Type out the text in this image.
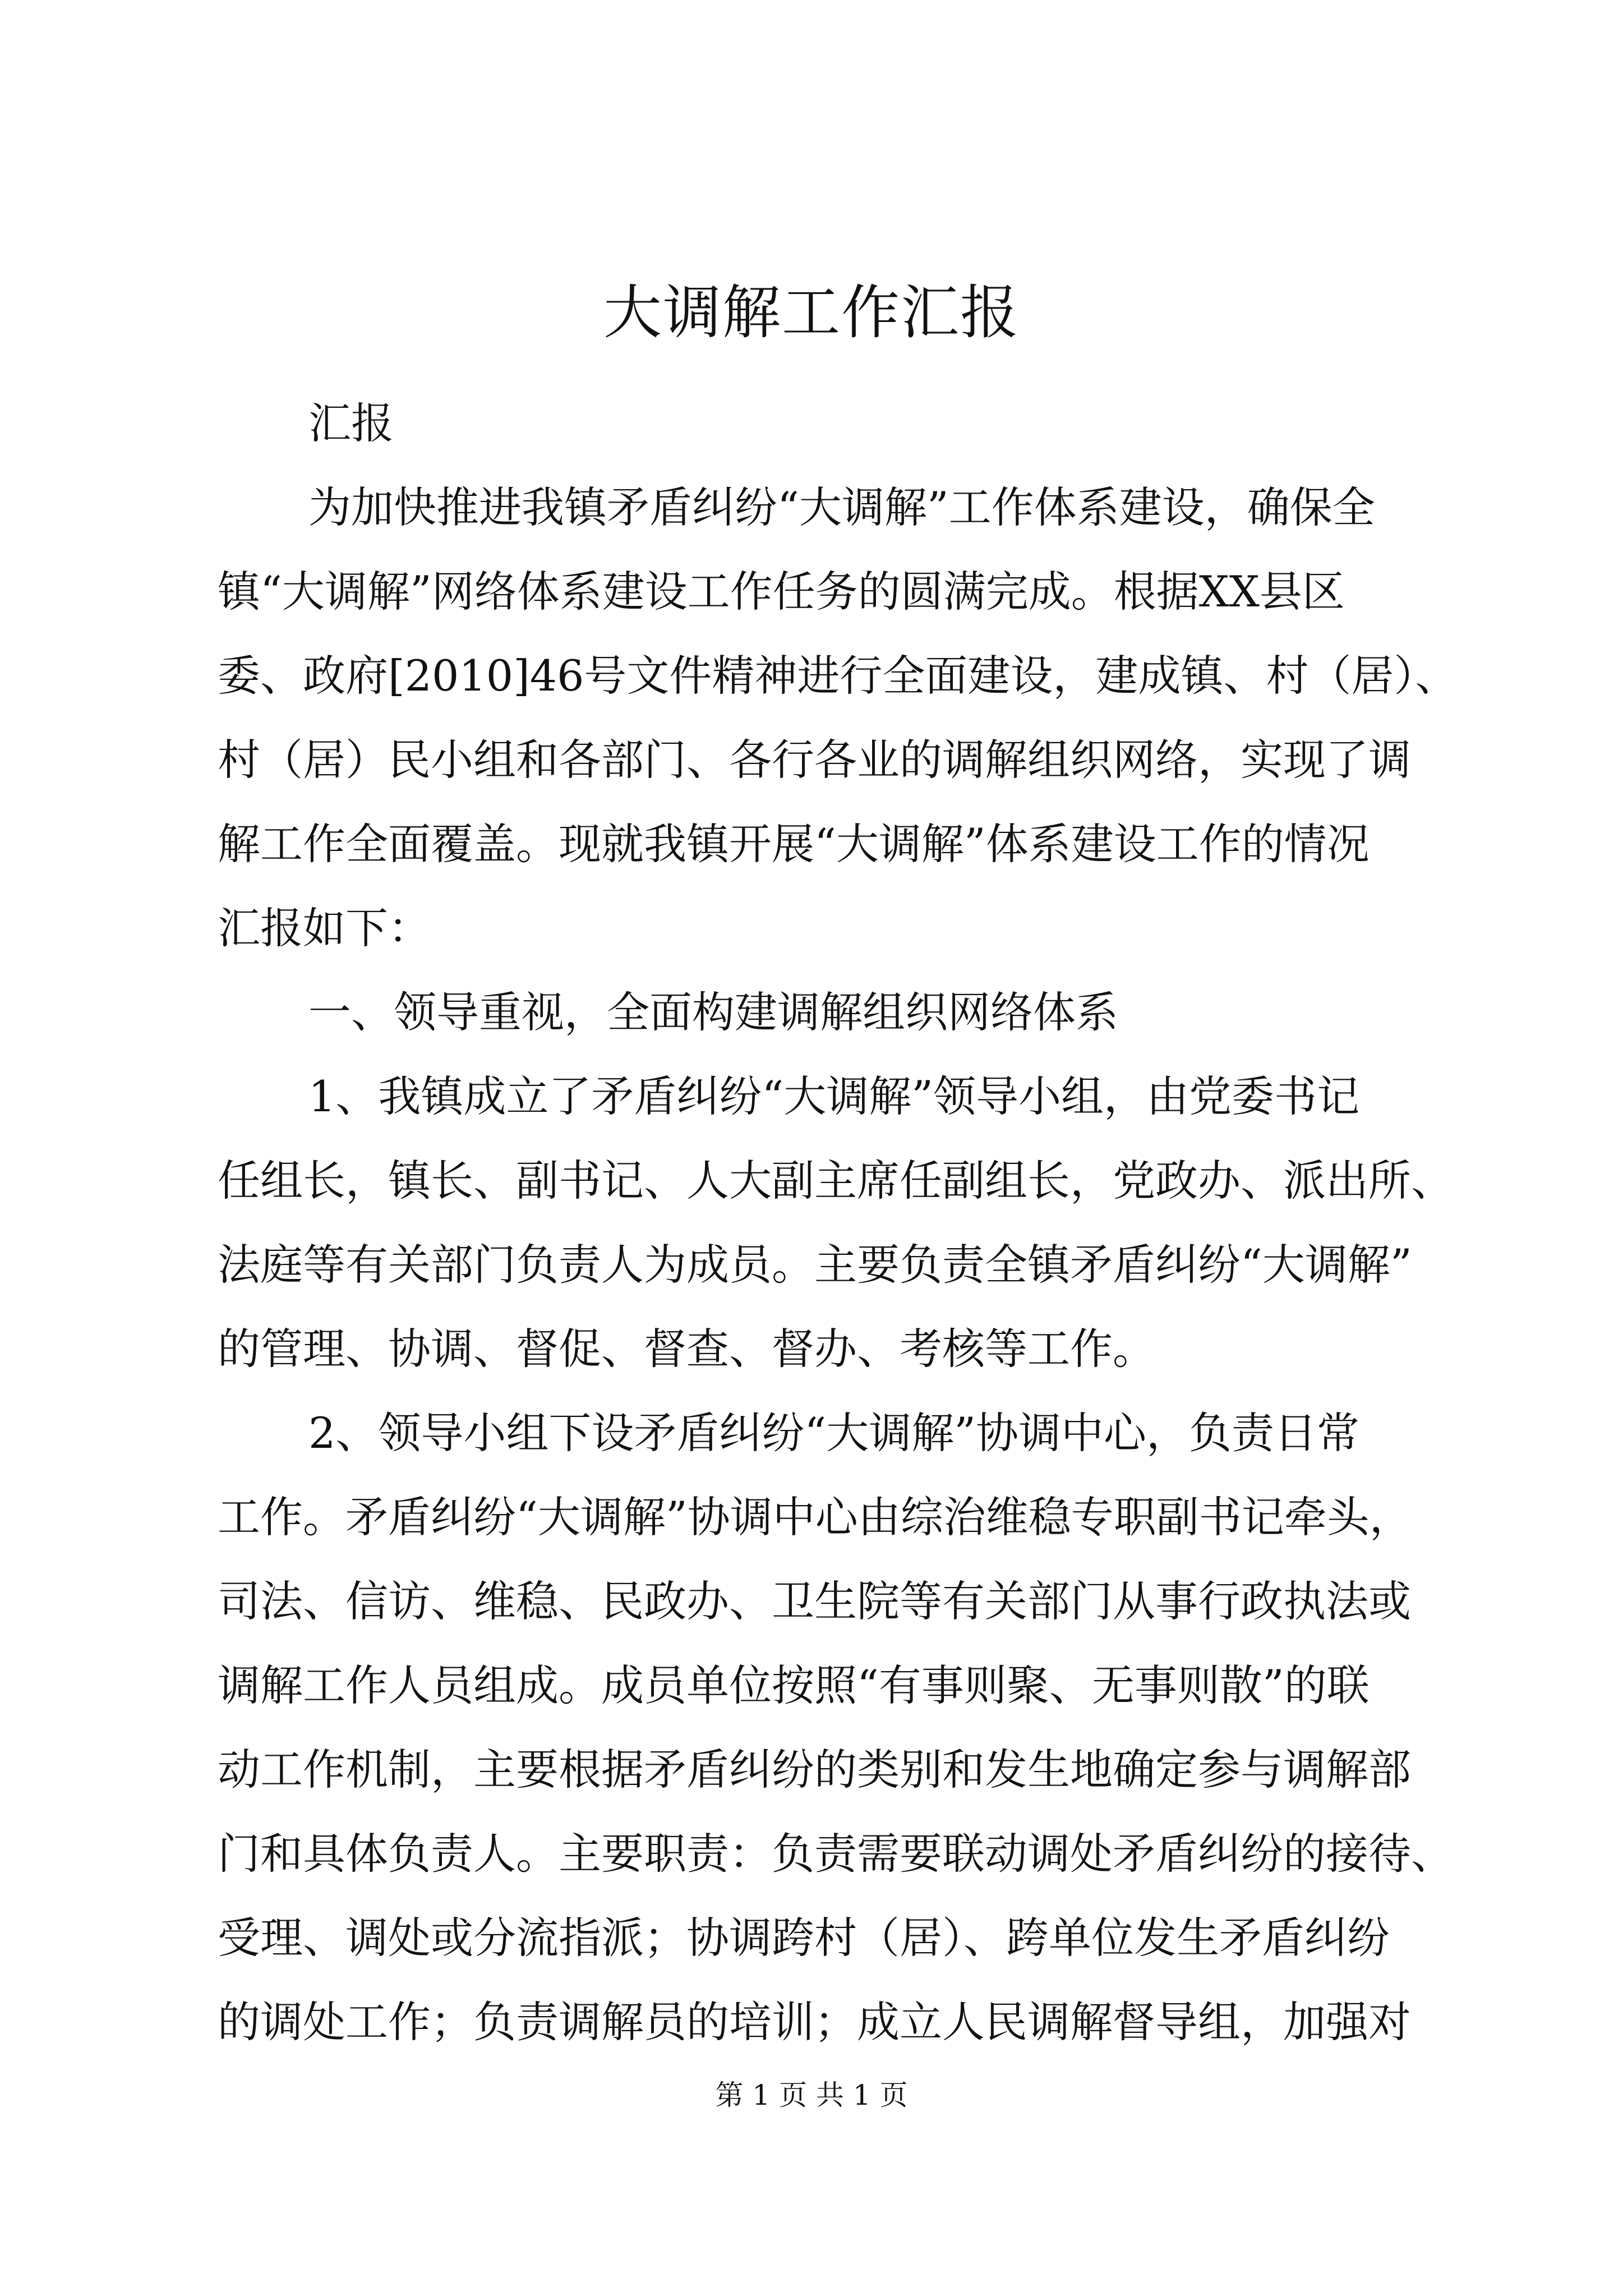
大调解工作汇报

汇报

为加快推进我镇矛盾纠纷“大调解”工作体系建设，确保全

镇“大调解”网络体系建设工作任务的圆满完成。根据XX县区

委、政府[2010]46号文件精神进行全面建设，建成镇、村（居）、

村（居）民小组和各部门、各行各业的调解组织网络，实现了调

解工作全面覆盖。现就我镇开展“大调解”体系建设工作的情况

汇报如下：

一、领导重视，全面构建调解组织网络体系

1、我镇成立了矛盾纠纷“大调解”领导小组，由党委书记

任组长，镇长、副书记、人大副主席任副组长，党政办、派出所、

法庭等有关部门负责人为成员。主要负责全镇矛盾纠纷“大调解”

的管理、协调、督促、督查、督办、考核等工作。

2、领导小组下设矛盾纠纷“大调解”协调中心，负责日常

工作。矛盾纠纷“大调解”协调中心由综治维稳专职副书记牵头，

司法、信访、维稳、民政办、卫生院等有关部门从事行政执法或

调解工作人员组成。成员单位按照“有事则聚、无事则散”的联

动工作机制，主要根据矛盾纠纷的类别和发生地确定参与调解部

门和具体负责人。主要职责：负责需要联动调处矛盾纠纷的接待、

受理、调处或分流指派；协调跨村（居）、跨单位发生矛盾纠纷

的调处工作；负责调解员的培训；成立人民调解督导组，加强对

第 1 页 共 1 页
